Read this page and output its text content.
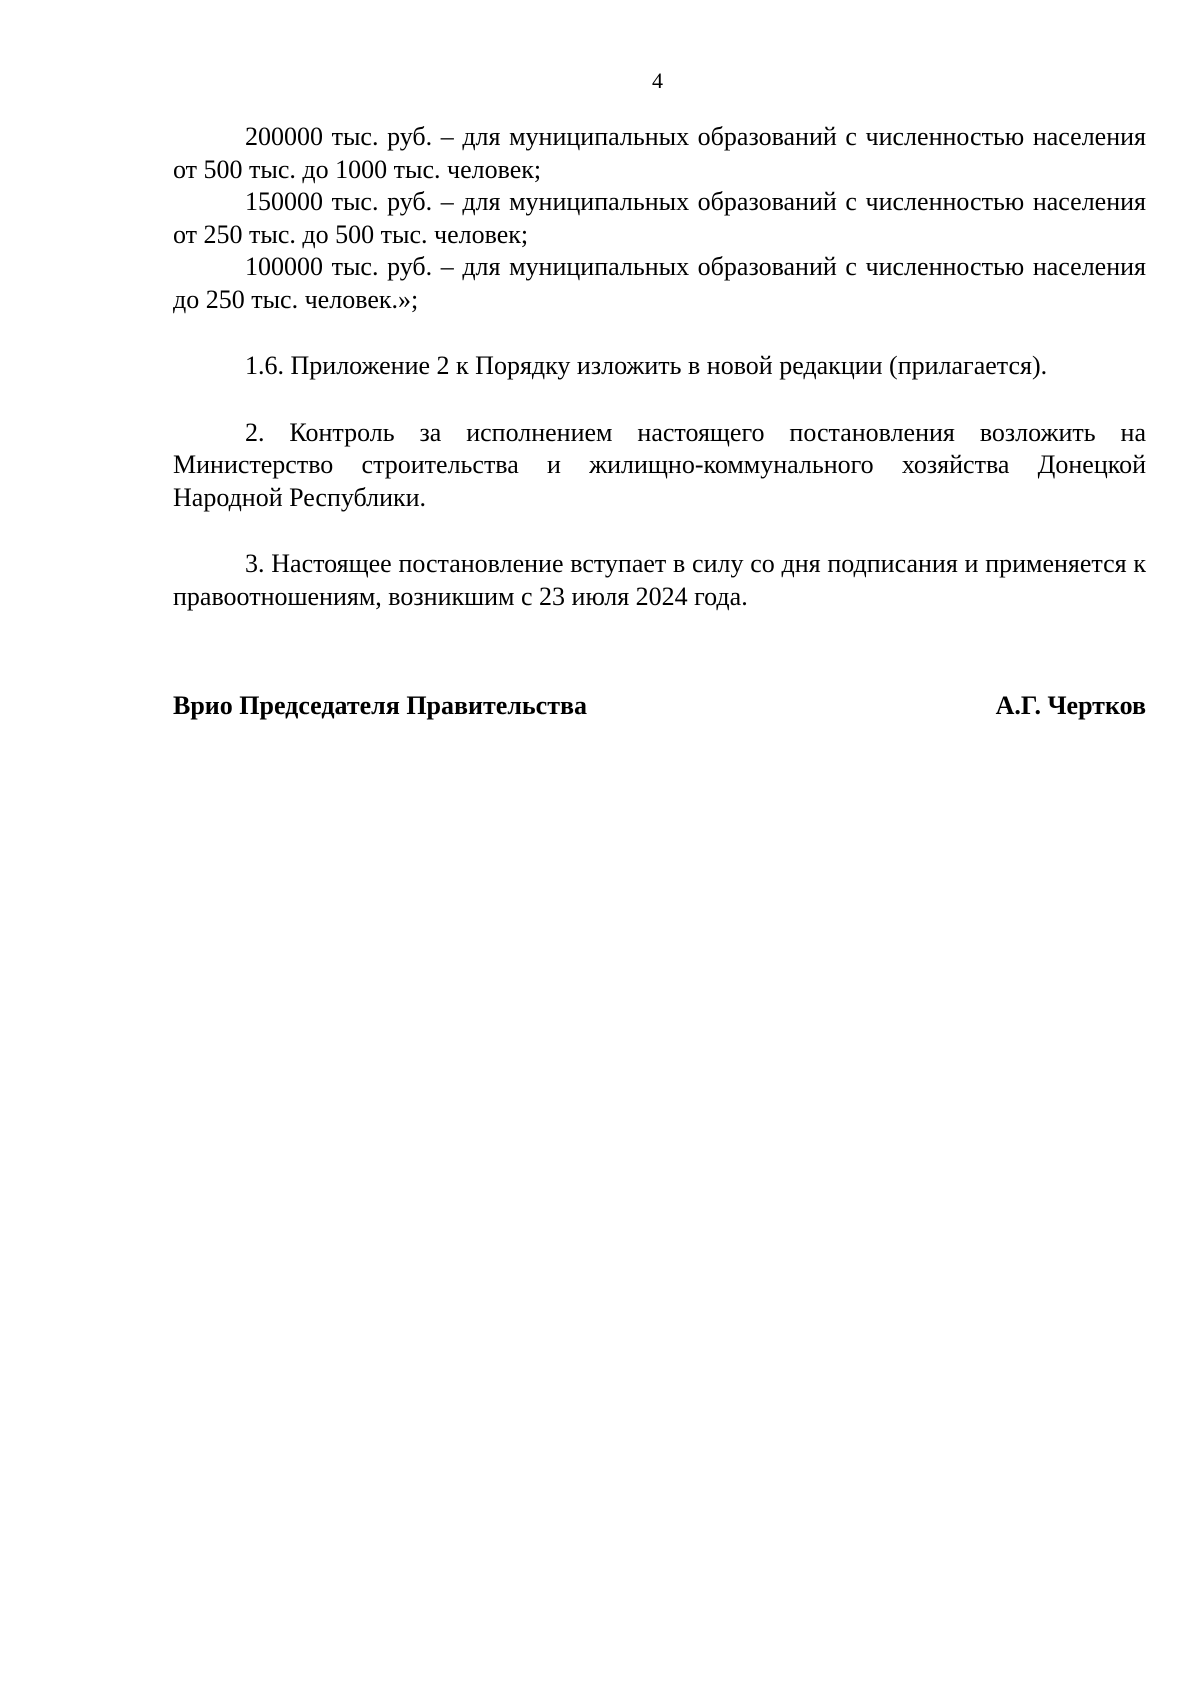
4

200000 тыс. руб. – для муниципальных образований с численностью населения от 500 тыс. до 1000 тыс. человек;

150000 тыс. руб. – для муниципальных образований с численностью населения от 250 тыс. до 500 тыс. человек;

100000 тыс. руб. – для муниципальных образований с численностью населения до 250 тыс. человек.»;

1.6. Приложение 2 к Порядку изложить в новой редакции (прилагается).

2. Контроль за исполнением настоящего постановления возложить на Министерство строительства и жилищно-коммунального хозяйства Донецкой Народной Республики.

3. Настоящее постановление вступает в силу со дня подписания и применяется к правоотношениям, возникшим с 23 июля 2024 года.

Врио Председателя Правительства	А.Г. Чертков
